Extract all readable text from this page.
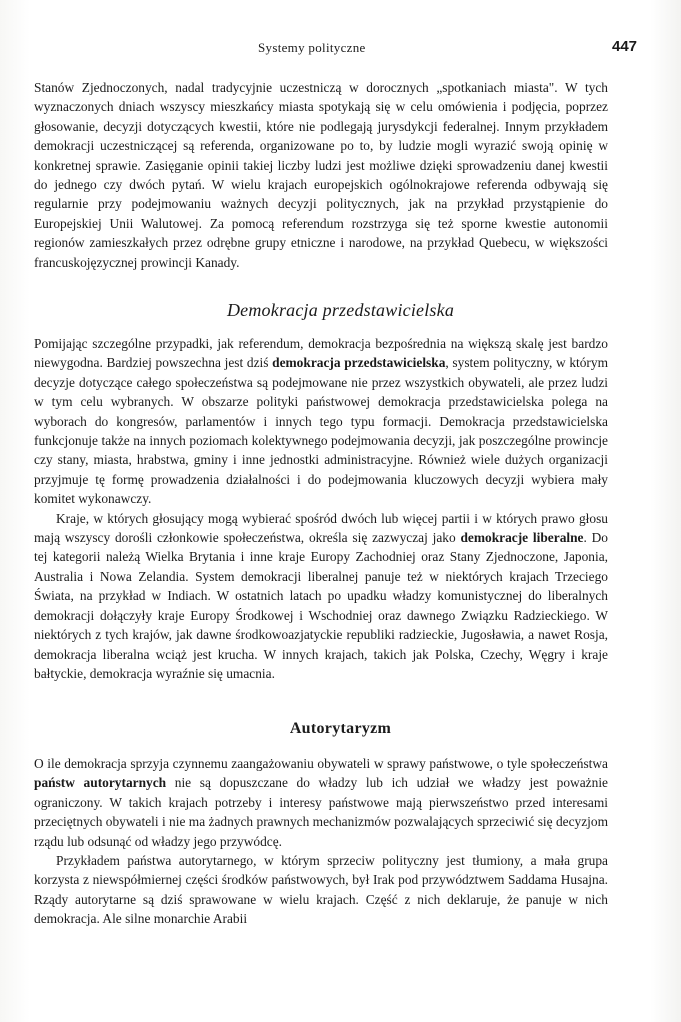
Systemy polityczne	447

Stanów Zjednoczonych, nadal tradycyjnie uczestniczą w dorocznych „spotkaniach miasta". W tych wyznaczonych dniach wszyscy mieszkańcy miasta spotykają się w celu omówienia i podjęcia, poprzez głosowanie, decyzji dotyczących kwestii, które nie podlegają jurysdykcji federalnej. Innym przykładem demokracji uczestniczącej są referenda, organizowane po to, by ludzie mogli wyrazić swoją opinię w konkretnej sprawie. Zasięganie opinii takiej liczby ludzi jest możliwe dzięki sprowadzeniu danej kwestii do jednego czy dwóch pytań. W wielu krajach europejskich ogólnokrajowe referenda odbywają się regularnie przy podejmowaniu ważnych decyzji politycznych, jak na przykład przystąpienie do Europejskiej Unii Walutowej. Za pomocą referendum rozstrzyga się też sporne kwestie autonomii regionów zamieszkałych przez odrębne grupy etniczne i narodowe, na przykład Quebecu, w większości francuskojęzycznej prowincji Kanady.

Demokracja przedstawicielska

Pomijając szczególne przypadki, jak referendum, demokracja bezpośrednia na większą skalę jest bardzo niewygodna. Bardziej powszechna jest dziś demokracja przedstawicielska, system polityczny, w którym decyzje dotyczące całego społeczeństwa są podejmowane nie przez wszystkich obywateli, ale przez ludzi w tym celu wybranych. W obszarze polityki państwowej demokracja przedstawicielska polega na wyborach do kongresów, parlamentów i innych tego typu formacji. Demokracja przedstawicielska funkcjonuje także na innych poziomach kolektywnego podejmowania decyzji, jak poszczególne prowincje czy stany, miasta, hrabstwa, gminy i inne jednostki administracyjne. Również wiele dużych organizacji przyjmuje tę formę prowadzenia działalności i do podejmowania kluczowych decyzji wybiera mały komitet wykonawczy.

Kraje, w których głosujący mogą wybierać spośród dwóch lub więcej partii i w których prawo głosu mają wszyscy dorośli członkowie społeczeństwa, określa się zazwyczaj jako demokracje liberalne. Do tej kategorii należą Wielka Brytania i inne kraje Europy Zachodniej oraz Stany Zjednoczone, Japonia, Australia i Nowa Zelandia. System demokracji liberalnej panuje też w niektórych krajach Trzeciego Świata, na przykład w Indiach. W ostatnich latach po upadku władzy komunistycznej do liberalnych demokracji dołączyły kraje Europy Środkowej i Wschodniej oraz dawnego Związku Radzieckiego. W niektórych z tych krajów, jak dawne środkowoazjatyckie republiki radzieckie, Jugosławia, a nawet Rosja, demokracja liberalna wciąż jest krucha. W innych krajach, takich jak Polska, Czechy, Węgry i kraje bałtyckie, demokracja wyraźnie się umacnia.

Autorytaryzm

O ile demokracja sprzyja czynnemu zaangażowaniu obywateli w sprawy państwowe, o tyle społeczeństwa państw autorytarnych nie są dopuszczane do władzy lub ich udział we władzy jest poważnie ograniczony. W takich krajach potrzeby i interesy państwowe mają pierwszeństwo przed interesami przeciętnych obywateli i nie ma żadnych prawnych mechanizmów pozwalających sprzeciwić się decyzjom rządu lub odsunąć od władzy jego przywódcę.

Przykładem państwa autorytarnego, w którym sprzeciw polityczny jest tłumiony, a mała grupa korzysta z niewspółmiernej części środków państwowych, był Irak pod przywództwem Saddama Husajna. Rządy autorytarne są dziś sprawowane w wielu krajach. Część z nich deklaruje, że panuje w nich demokracja. Ale silne monarchie Arabii
